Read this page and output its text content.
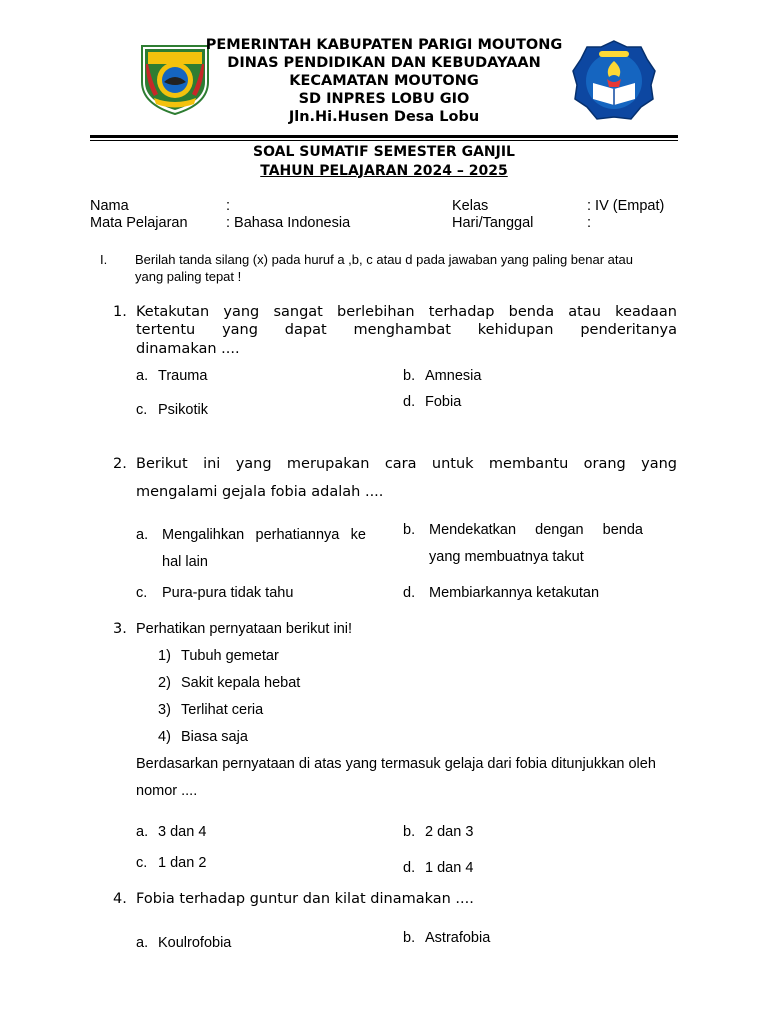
PEMERINTAH KABUPATEN PARIGI MOUTONG
DINAS PENDIDIKAN DAN KEBUDAYAAN
KECAMATAN MOUTONG
SD INPRES LOBU GIO
Jln.Hi.Husen Desa Lobu
SOAL SUMATIF SEMESTER GANJIL
TAHUN PELAJARAN 2024 – 2025
Nama	:
Mata Pelajaran	: Bahasa Indonesia
Kelas	: IV (Empat)
Hari/Tanggal	:
I. Berilah tanda silang (x) pada huruf a ,b, c atau d pada jawaban yang paling benar atau
yang paling tepat !
1. Ketakutan yang sangat berlebihan terhadap benda atau keadaan
tertentu yang dapat menghambat kehidupan penderitanya
dinamakan ....
a. Trauma	b. Amnesia
c. Psikotik	d. Fobia
2. Berikut ini yang merupakan cara untuk membantu orang yang
mengalami gejala fobia adalah ....
a. Mengalihkan perhatiannya ke
hal lain
b. Mendekatkan dengan benda
yang membuatnya takut
c. Pura-pura tidak tahu	d. Membiarkannya ketakutan
3. Perhatikan pernyataan berikut ini!
1) Tubuh gemetar
2) Sakit kepala hebat
3) Terlihat ceria
4) Biasa saja
Berdasarkan pernyataan di atas yang termasuk gelaja dari fobia ditunjukkan oleh
nomor ....
a. 3 dan 4	b. 2 dan 3
c. 1 dan 2	d. 1 dan 4
4. Fobia terhadap guntur dan kilat dinamakan ....
a. Koulrofobia	b. Astrafobia
